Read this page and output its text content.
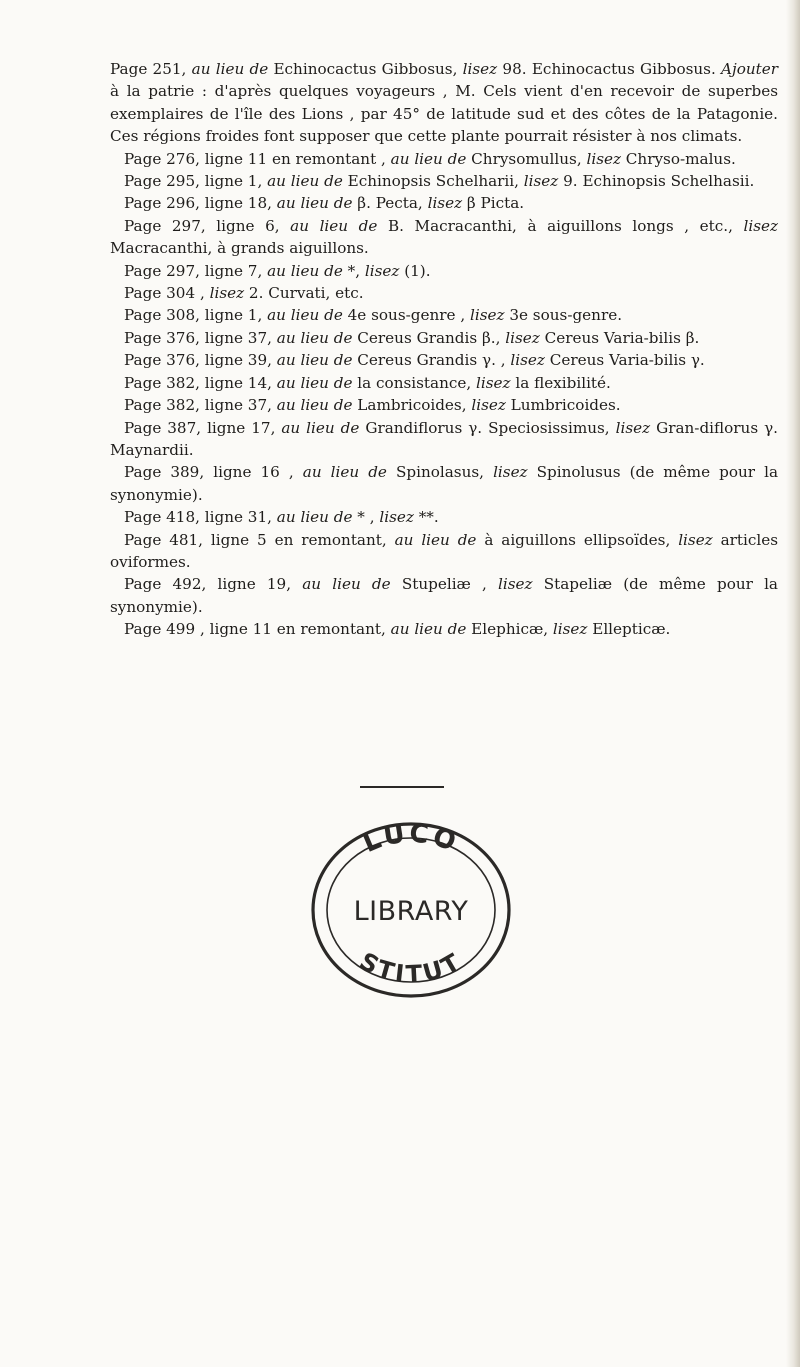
Page 251, au lieu de Echinocactus Gibbosus, lisez 98. Echinocactus Gibbosus. Ajouter à la patrie : d'après quelques voyageurs , M. Cels vient d'en recevoir de superbes exemplaires de l'île des Lions , par 45° de latitude sud et des côtes de la Patagonie. Ces régions froides font supposer que cette plante pourrait résister à nos climats.

Page 276, ligne 11 en remontant , au lieu de Chrysomullus, lisez Chryso-malus.

Page 295, ligne 1, au lieu de Echinopsis Schelharii, lisez 9. Echinopsis Schelhasii.

Page 296, ligne 18, au lieu de β. Pecta, lisez β Picta.

Page 297, ligne 6, au lieu de B. Macracanthi, à aiguillons longs , etc., lisez Macracanthi, à grands aiguillons.

Page 297, ligne 7, au lieu de *, lisez (1).

Page 304 , lisez 2. Curvati, etc.

Page 308, ligne 1, au lieu de 4e sous-genre , lisez 3e sous-genre.

Page 376, ligne 37, au lieu de Cereus Grandis β., lisez Cereus Varia-bilis β.

Page 376, ligne 39, au lieu de Cereus Grandis γ. , lisez Cereus Varia-bilis γ.

Page 382, ligne 14, au lieu de la consistance, lisez la flexibilité.

Page 382, ligne 37, au lieu de Lambricoides, lisez Lumbricoides.

Page 387, ligne 17, au lieu de Grandiflorus γ. Speciosissimus, lisez Gran-diflorus γ. Maynardii.

Page 389, ligne 16 , au lieu de Spinolasus, lisez Spinolusus (de même pour la synonymie).

Page 418, ligne 31, au lieu de * , lisez **.

Page 481, ligne 5 en remontant, au lieu de à aiguillons ellipsoïdes, lisez articles oviformes.

Page 492, ligne 19, au lieu de Stupeliæ , lisez Stapeliæ (de même pour la synonymie).

Page 499 , ligne 11 en remontant, au lieu de Elephicæ, lisez Ellepticæ.

LUCO
LIBRARY
STITUT
